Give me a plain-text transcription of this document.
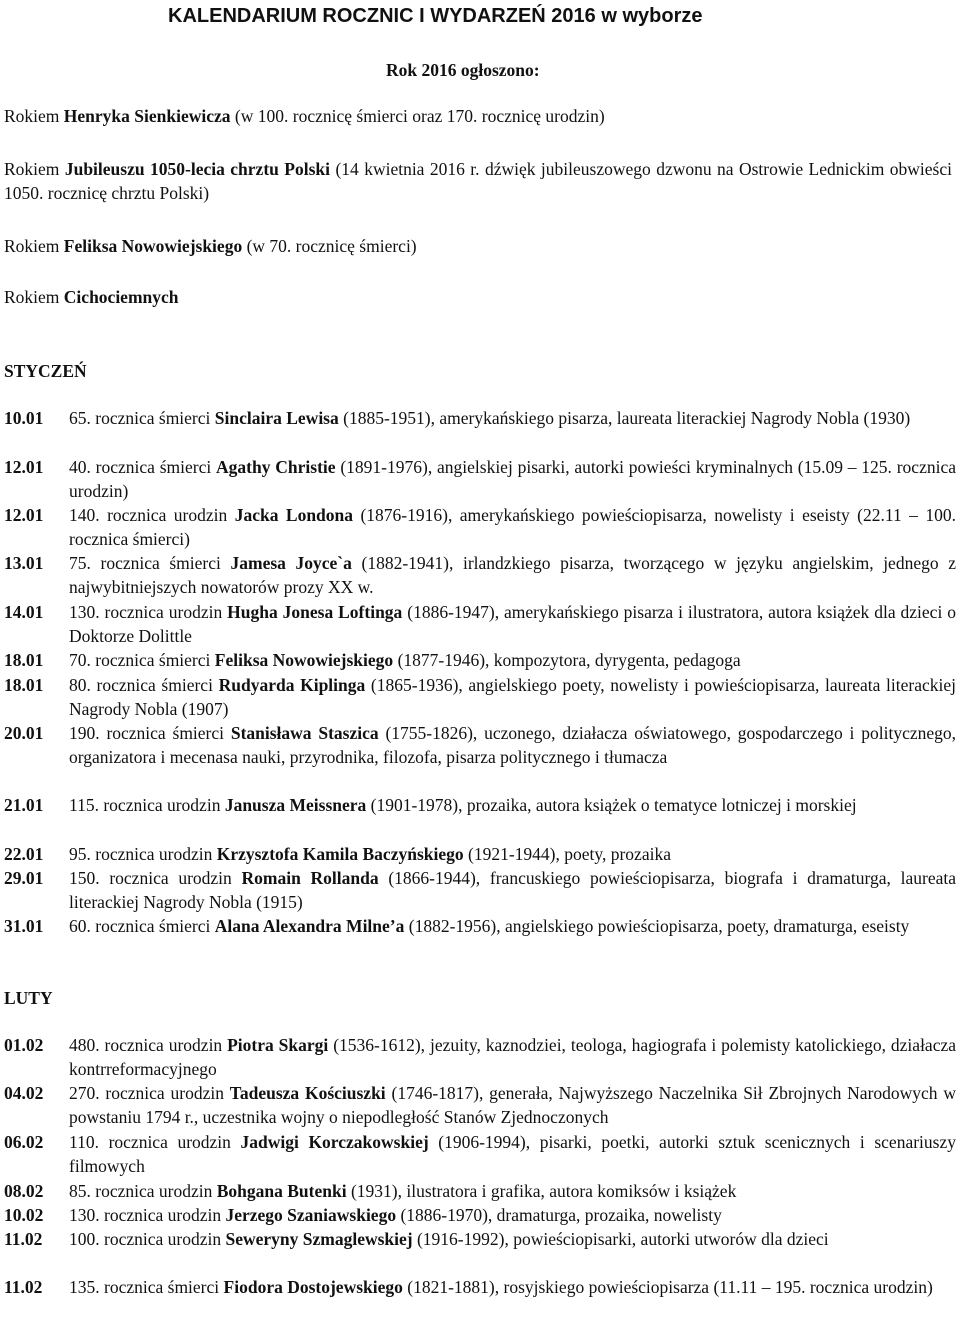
KALENDARIUM ROCZNIC I WYDARZEŃ 2016 w wyborze
Rok 2016 ogłoszono:
Rokiem Henryka Sienkiewicza (w 100. rocznicę śmierci oraz 170. rocznicę urodzin)
Rokiem Jubileuszu 1050-lecia chrztu Polski (14 kwietnia 2016 r. dźwięk jubileuszowego dzwonu na Ostrowie Lednickim obwieści 1050. rocznicę chrztu Polski)
Rokiem Feliksa Nowowiejskiego (w 70. rocznicę śmierci)
Rokiem Cichociemnych
STYCZEŃ
10.01	65. rocznica śmierci Sinclaira Lewisa (1885-1951), amerykańskiego pisarza, laureata literackiej Nagrody Nobla (1930)
12.01	40. rocznica śmierci Agathy Christie (1891-1976), angielskiej pisarki, autorki powieści kryminalnych (15.09 – 125. rocznica urodzin)
12.01	140. rocznica urodzin Jacka Londona (1876-1916), amerykańskiego powieściopisarza, nowelisty i eseisty (22.11 – 100. rocznica śmierci)
13.01	75. rocznica śmierci Jamesa Joyce`a (1882-1941), irlandzkiego pisarza, tworzącego w języku angielskim, jednego z najwybitniejszych nowatorów prozy XX w.
14.01	130. rocznica urodzin Hugha Jonesa Loftinga (1886-1947), amerykańskiego pisarza i ilustratora, autora książek dla dzieci o Doktorze Dolittle
18.01	70. rocznica śmierci Feliksa Nowowiejskiego (1877-1946), kompozytora, dyrygenta, pedagoga
18.01	80. rocznica śmierci Rudyarda Kiplinga (1865-1936), angielskiego poety, nowelisty i powieściopisarza, laureata literackiej Nagrody Nobla (1907)
20.01	190. rocznica śmierci Stanisława Staszica (1755-1826), uczonego, działacza oświatowego, gospodarczego i politycznego, organizatora i mecenasa nauki, przyrodnika, filozofa, pisarza politycznego i tłumacza
21.01	115. rocznica urodzin Janusza Meissnera (1901-1978), prozaika, autora książek o tematyce lotniczej i morskiej
22.01	95. rocznica urodzin Krzysztofa Kamila Baczyńskiego (1921-1944), poety, prozaika
29.01	150. rocznica urodzin Romain Rollanda (1866-1944), francuskiego powieściopisarza, biografa i dramaturga, laureata literackiej Nagrody Nobla (1915)
31.01	60. rocznica śmierci Alana Alexandra Milne’a (1882-1956), angielskiego powieściopisarza, poety, dramaturga, eseisty
LUTY
01.02	480. rocznica urodzin Piotra Skargi (1536-1612), jezuity, kaznodziei, teologa, hagiografa i polemisty katolickiego, działacza kontrreformacyjnego
04.02	270. rocznica urodzin Tadeusza Kościuszki (1746-1817), generała, Najwyższego Naczelnika Sił Zbrojnych Narodowych w powstaniu 1794 r., uczestnika wojny o niepodległość Stanów Zjednoczonych
06.02	110. rocznica urodzin Jadwigi Korczakowskiej (1906-1994), pisarki, poetki, autorki sztuk scenicznych i scenariuszy filmowych
08.02	85. rocznica urodzin Bohgana Butenki (1931), ilustratora i grafika, autora komiksów i książek
10.02	130. rocznica urodzin Jerzego Szaniawskiego (1886-1970), dramaturga, prozaika, nowelisty
11.02	100. rocznica urodzin Seweryny Szmaglewskiej (1916-1992), powieściopisarki, autorki utworów dla dzieci
11.02	135. rocznica śmierci Fiodora Dostojewskiego (1821-1881), rosyjskiego powieściopisarza (11.11 – 195. rocznica urodzin)
